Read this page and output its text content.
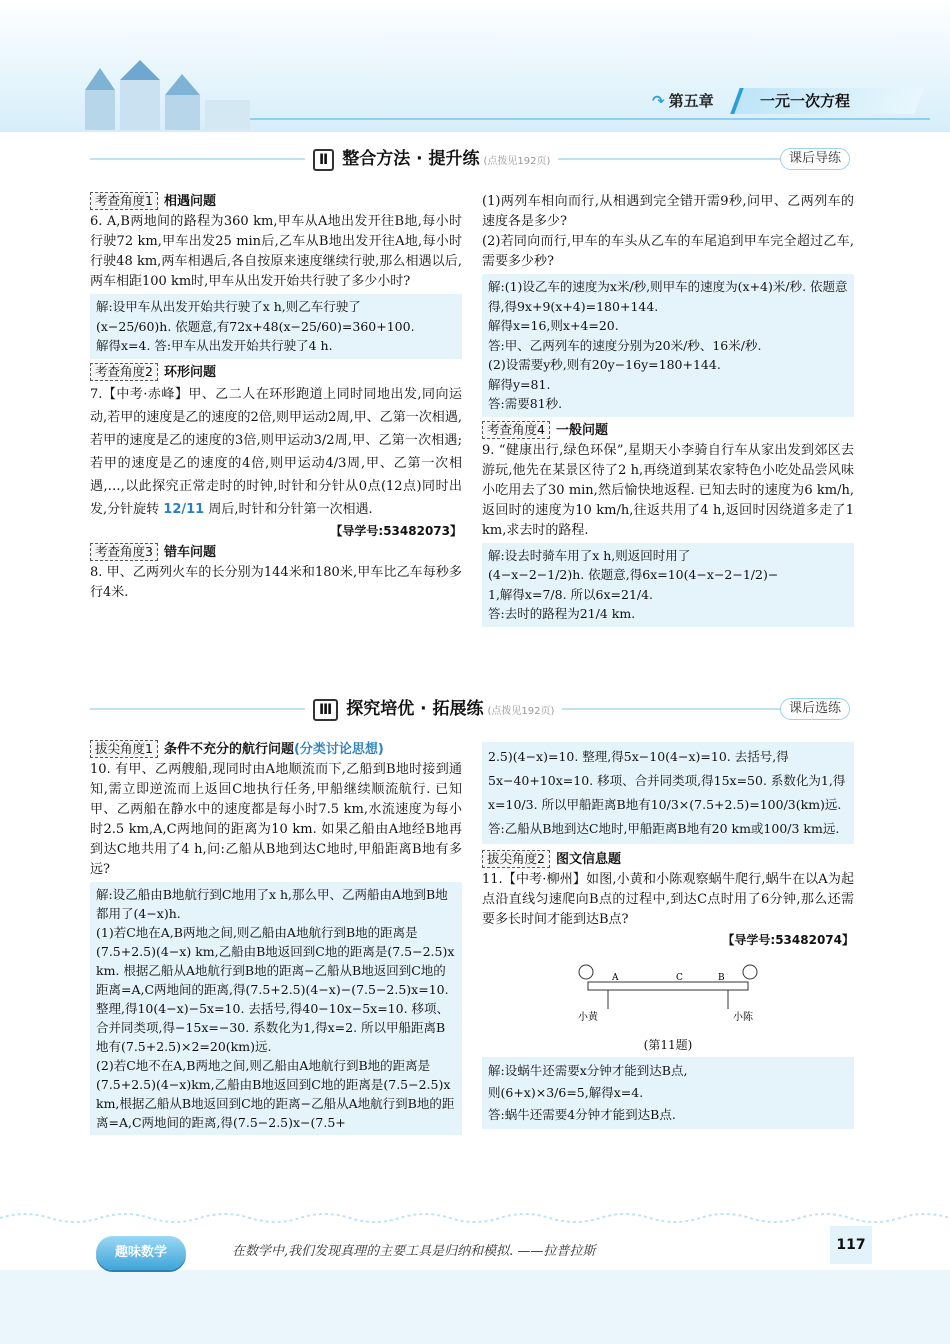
↷ 第五章	一元一次方程
Ⅱ 整合方法 · 提升练 (点拨见192页)	课后导练

考查角度1 相遇问题

6. A,B两地间的路程为360 km,甲车从A地出发开往B地,每小时行驶72 km,甲车出发25 min后,乙车从B地出发开往A地,每小时行驶48 km,两车相遇后,各自按原来速度继续行驶,那么相遇以后,两车相距100 km时,甲车从出发开始共行驶了多少小时?

解:设甲车从出发开始共行驶了x h,则乙车行驶了

(x−25/60)h. 依题意,有72x+48(x−25/60)=360+100.

解得x=4. 答:甲车从出发开始共行驶了4 h.

考查角度2 环形问题

7.【中考·赤峰】甲、乙二人在环形跑道上同时同地出发,同向运动,若甲的速度是乙的速度的2倍,则甲运动2周,甲、乙第一次相遇,若甲的速度是乙的速度的3倍,则甲运动3/2周,甲、乙第一次相遇;若甲的速度是乙的速度的4倍,则甲运动4/3周,甲、乙第一次相遇,…,以此探究正常走时的时钟,时针和分针从0点(12点)同时出发,分针旋转 12/11 周后,时针和分针第一次相遇.

【导学号:53482073】

考查角度3 错车问题

8. 甲、乙两列火车的长分别为144米和180米,甲车比乙车每秒多行4米.

(1)两列车相向而行,从相遇到完全错开需9秒,问甲、乙两列车的速度各是多少?

(2)若同向而行,甲车的车头从乙车的车尾追到甲车完全超过乙车,需要多少秒?

解:(1)设乙车的速度为x米/秒,则甲车的速度为(x+4)米/秒. 依题意得,得9x+9(x+4)=180+144.

解得x=16,则x+4=20.

答:甲、乙两列车的速度分别为20米/秒、16米/秒.

(2)设需要y秒,则有20y−16y=180+144.

解得y=81.

答:需要81秒.

考查角度4 一般问题

9. “健康出行,绿色环保”,星期天小李骑自行车从家出发到郊区去游玩,他先在某景区待了2 h,再绕道到某农家特色小吃处品尝风味小吃用去了30 min,然后愉快地返程. 已知去时的速度为6 km/h,返回时的速度为10 km/h,往返共用了4 h,返回时因绕道多走了1 km,求去时的路程.

解:设去时骑车用了x h,则返回时用了

(4−x−2−1/2)h. 依题意,得6x=10(4−x−2−1/2)−

1,解得x=7/8. 所以6x=21/4.

答:去时的路程为21/4 km.

Ⅲ 探究培优 · 拓展练 (点拨见192页)	课后选练

拔尖角度1 条件不充分的航行问题(分类讨论思想)

10. 有甲、乙两艘船,现同时由A地顺流而下,乙船到B地时接到通知,需立即逆流而上返回C地执行任务,甲船继续顺流航行. 已知甲、乙两船在静水中的速度都是每小时7.5 km,水流速度为每小时2.5 km,A,C两地间的距离为10 km. 如果乙船由A地经B地再到达C地共用了4 h,问:乙船从B地到达C地时,甲船距离B地有多远?

解:设乙船由B地航行到C地用了x h,那么甲、乙两船由A地到B地都用了(4−x)h.

(1)若C地在A,B两地之间,则乙船由A地航行到B地的距离是(7.5+2.5)(4−x) km,乙船由B地返回到C地的距离是(7.5−2.5)x km. 根据乙船从A地航行到B地的距离−乙船从B地返回到C地的距离=A,C两地间的距离,得(7.5+2.5)(4−x)−(7.5−2.5)x=10. 整理,得10(4−x)−5x=10. 去括号,得40−10x−5x=10. 移项、合并同类项,得−15x=−30. 系数化为1,得x=2. 所以甲船距离B地有(7.5+2.5)×2=20(km)远.

(2)若C地不在A,B两地之间,则乙船由A地航行到B地的距离是(7.5+2.5)(4−x)km,乙船由B地返回到C地的距离是(7.5−2.5)x km,根据乙船从B地返回到C地的距离−乙船从A地航行到B地的距离=A,C两地间的距离,得(7.5−2.5)x−(7.5+

2.5)(4−x)=10. 整理,得5x−10(4−x)=10. 去括号,得5x−40+10x=10. 移项、合并同类项,得15x=50. 系数化为1,得x=10/3. 所以甲船距离B地有10/3×(7.5+2.5)=100/3(km)远.

答:乙船从B地到达C地时,甲船距离B地有20 km或100/3 km远.

拔尖角度2 图文信息题

11.【中考·柳州】如图,小黄和小陈观察蜗牛爬行,蜗牛在以A为起点沿直线匀速爬向B点的过程中,到达C点时用了6分钟,那么还需要多长时间才能到达B点?

【导学号:53482074】

A	C	B
小黄	小陈

(第11题)

解:设蜗牛还需要x分钟才能到达B点,

则(6+x)×3/6=5,解得x=4.

答:蜗牛还需要4分钟才能到达B点.

趣味数学	在数学中,我们发现真理的主要工具是归纳和模拟. ——拉普拉斯	117
